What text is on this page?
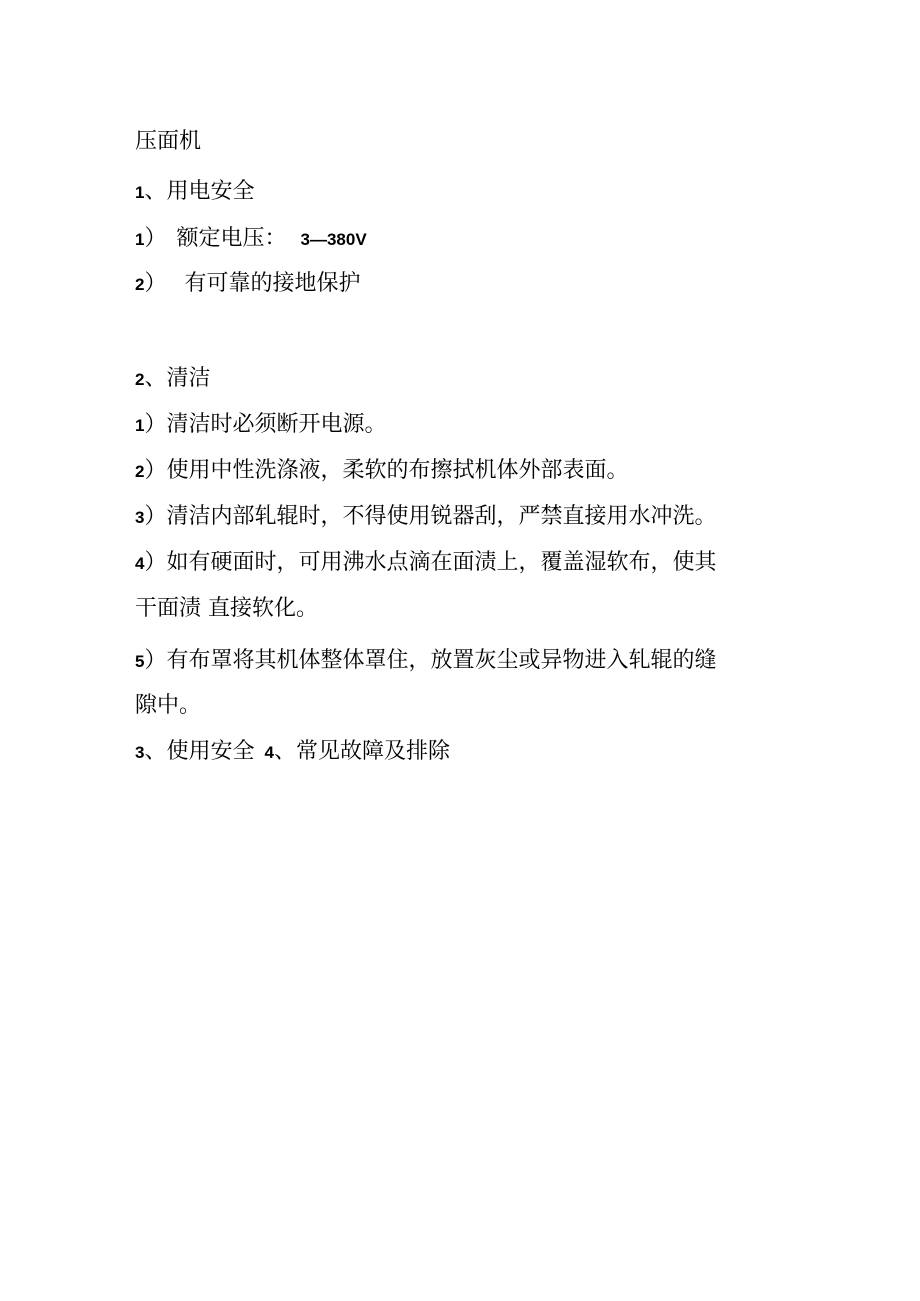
压面机
1、用电安全
1） 额定电压： 3—380V
2） 有可靠的接地保护
2、清洁
1）清洁时必须断开电源。
2）使用中性洗涤液，柔软的布擦拭机体外部表面。
3）清洁内部轧辊时，不得使用锐器刮，严禁直接用水冲洗。
4）如有硬面时，可用沸水点滴在面渍上，覆盖湿软布，使其
干面渍 直接软化。
5）有布罩将其机体整体罩住，放置灰尘或异物进入轧辊的缝
隙中。
3、使用安全 4、常见故障及排除
